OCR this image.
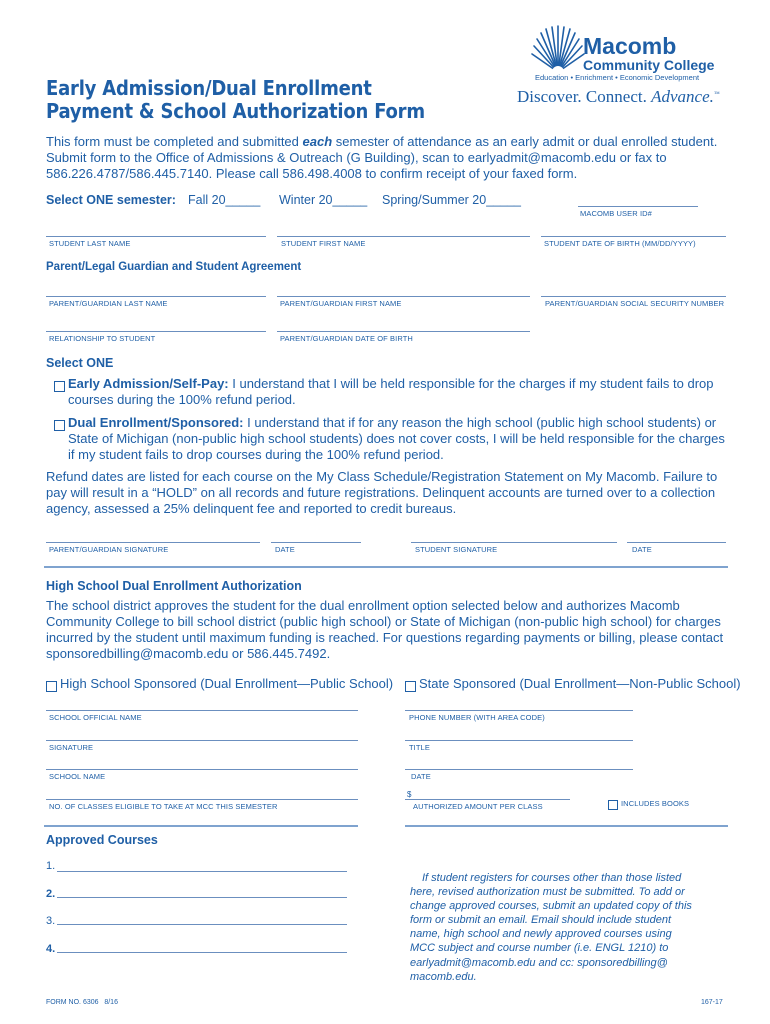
Early Admission/Dual Enrollment
Payment & School Authorization Form
Macomb
Community College
Education • Enrichment • Economic Development
Discover. Connect. Advance.™
This form must be completed and submitted each semester of attendance as an early admit or dual enrolled student. Submit form to the Office of Admissions & Outreach (G Building), scan to earlyadmit@macomb.edu or fax to 586.226.4787/586.445.7140. Please call 586.498.4008 to confirm receipt of your faxed form.
Select ONE semester: Fall 20_____ Winter 20_____ Spring/Summer 20_____
MACOMB USER ID#
STUDENT LAST NAME	STUDENT FIRST NAME	STUDENT DATE OF BIRTH (MM/DD/YYYY)
Parent/Legal Guardian and Student Agreement
PARENT/GUARDIAN LAST NAME	PARENT/GUARDIAN FIRST NAME	PARENT/GUARDIAN SOCIAL SECURITY NUMBER
RELATIONSHIP TO STUDENT	PARENT/GUARDIAN DATE OF BIRTH
Select ONE
Early Admission/Self-Pay: I understand that I will be held responsible for the charges if my student fails to drop courses during the 100% refund period.
Dual Enrollment/Sponsored: I understand that if for any reason the high school (public high school students) or State of Michigan (non-public high school students) does not cover costs, I will be held responsible for the charges if my student fails to drop courses during the 100% refund period.
Refund dates are listed for each course on the My Class Schedule/Registration Statement on My Macomb. Failure to pay will result in a “HOLD” on all records and future registrations. Delinquent accounts are turned over to a collection agency, assessed a 25% delinquent fee and reported to credit bureaus.
PARENT/GUARDIAN SIGNATURE	DATE	STUDENT SIGNATURE	DATE
High School Dual Enrollment Authorization
The school district approves the student for the dual enrollment option selected below and authorizes Macomb Community College to bill school district (public high school) or State of Michigan (non-public high school) for charges incurred by the student until maximum funding is reached. For questions regarding payments or billing, please contact sponsoredbilling@macomb.edu or 586.445.7492.
High School Sponsored (Dual Enrollment—Public School) State Sponsored (Dual Enrollment—Non-Public School)
SCHOOL OFFICIAL NAME	PHONE NUMBER (WITH AREA CODE)
SIGNATURE	TITLE
SCHOOL NAME	DATE
NO. OF CLASSES ELIGIBLE TO TAKE AT MCC THIS SEMESTER
$
AUTHORIZED AMOUNT PER CLASS	INCLUDES BOOKS
Approved Courses
1.
2.
3.
4.
If student registers for courses other than those listed here, revised authorization must be submitted. To add or change approved courses, submit an updated copy of this form or submit an email. Email should include student name, high school and newly approved courses using MCC subject and course number (i.e. ENGL 1210) to earlyadmit@macomb.edu and cc: sponsoredbilling@ macomb.edu.
FORM NO. 6306   8/16	167-17
